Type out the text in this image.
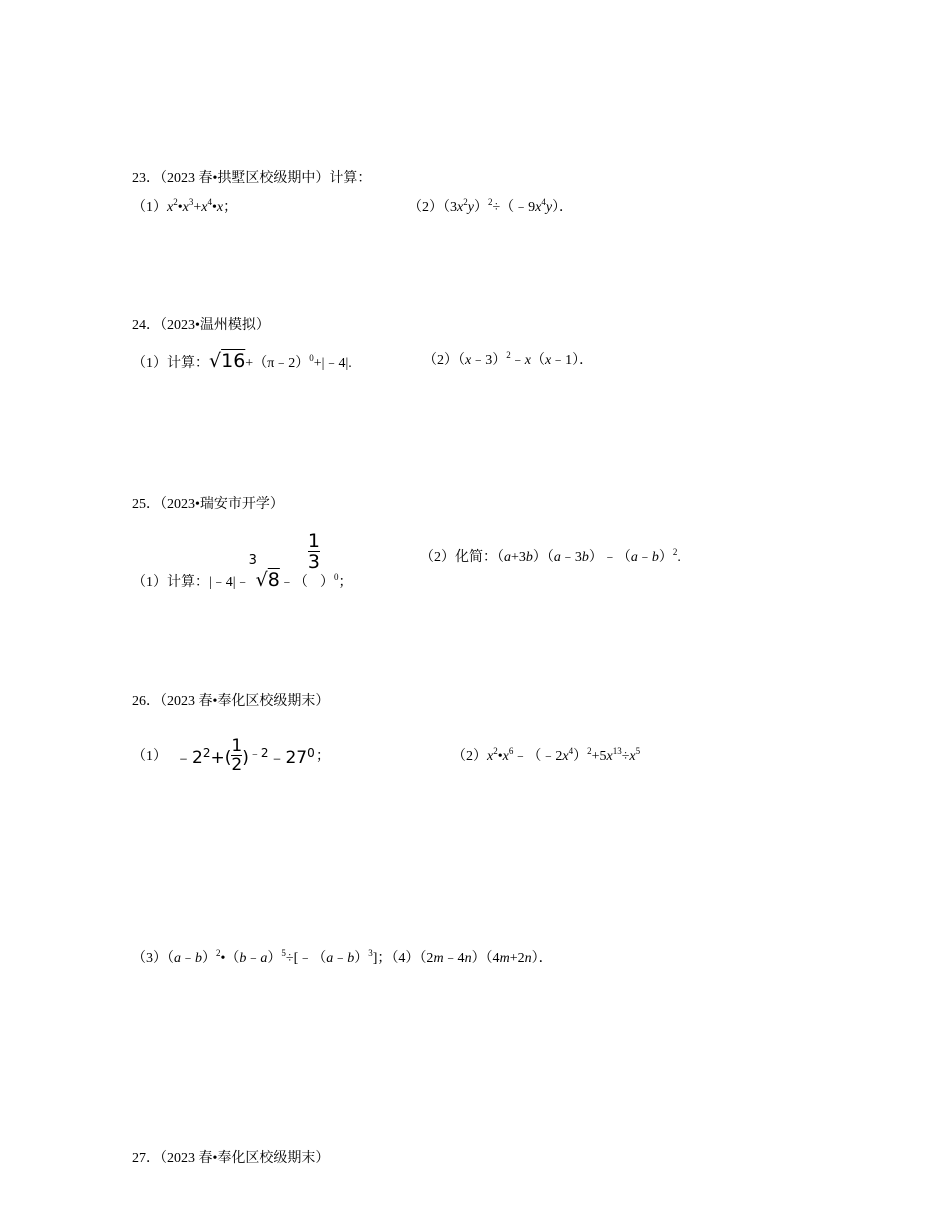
23．（2023 春•拱墅区校级期中）计算：
$(1)x^2•x^3+x^4•x$；	$(2)(3x^2y)^2\div(﹣9x^4y)$．
24．（2023•温州模拟）
（1）计算：√16+（π﹣2）$^0$+|﹣4|.	（2）（x﹣3）$^2$﹣x（x﹣1）．
25．（2023•瑞安市开学）
（1）计算：|﹣4|﹣
3
√8﹣（
$\frac{1}{3}$
）$^0$；
（2）化简：（a+3b）（a﹣3b）﹣（a﹣b）$^2$.
26．（2023 春•奉化区校级期末）
（1） $﹣2^2+( \frac{1}{2}$ )$^{﹣2}﹣27^0$ ；	$(2)x^2•x^6﹣(﹣2x^4)^2+5x^{13}\div x^5$
（3）（a﹣b）$^2$•（b﹣a）$^5$÷[﹣（a﹣b）$^3$]；（4）（2m﹣4n）（4m+2n）．
27．（2023 春•奉化区校级期末）
